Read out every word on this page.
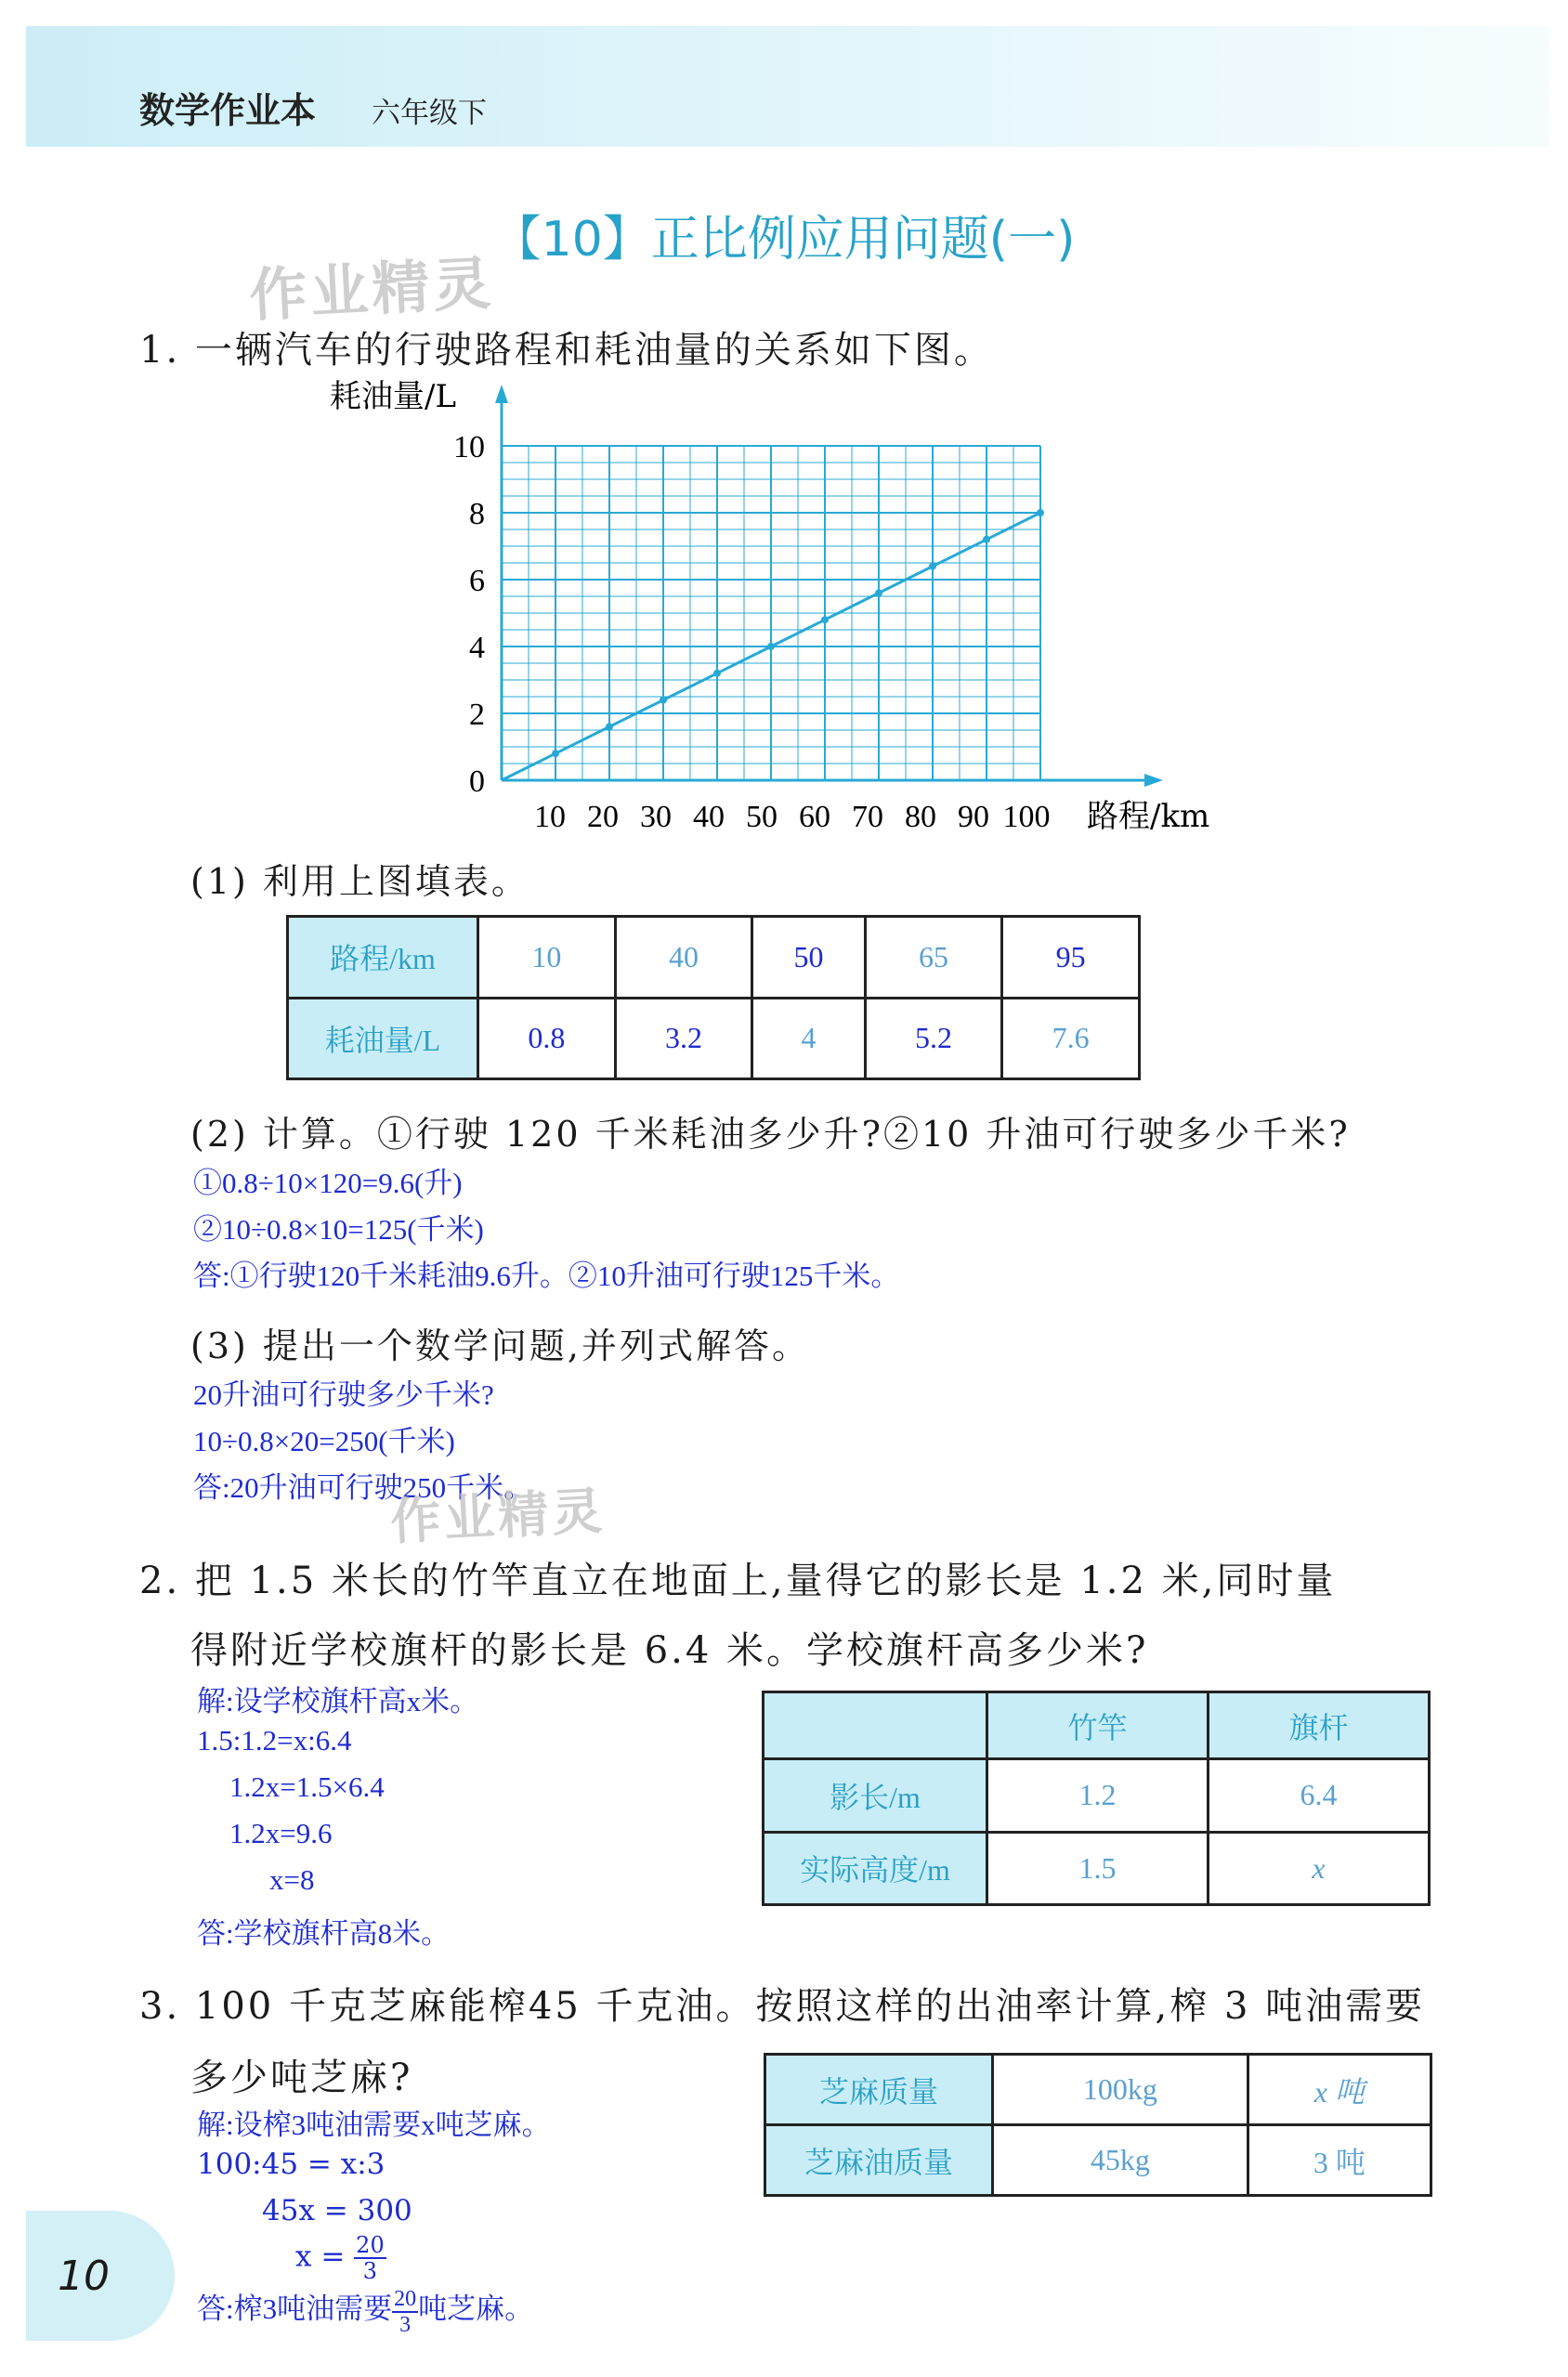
数学作业本 六年级下
【10】正比例应用问题(一)
作业精灵
1. 一辆汽车的行驶路程和耗油量的关系如下图。
10 20 30 40 50 60 70 80 90 100
0
2
4
6
8
10
耗油量/L
路程/km
(1) 利用上图填表。
路程/km	10	40	50	65	95
耗油量/L	0.8	3.2	4	5.2	7.6
(2) 计算。①行驶 120 千米耗油多少升?②10 升油可行驶多少千米?
①0.8÷10×120=9.6(升)
②10÷0.8×10=125(千米)
答:①行驶120千米耗油9.6升。②10升油可行驶125千米。
(3) 提出一个数学问题,并列式解答。
20升油可行驶多少千米?
10÷0.8×20=250(千米)
答:20升油可行驶250千米。
作业精灵
2. 把 1.5 米长的竹竿直立在地面上,量得它的影长是 1.2 米,同时量
得附近学校旗杆的影长是 6.4 米。学校旗杆高多少米?
解:设学校旗杆高x米。
1.5:1.2=x:6.4
1.2x=1.5×6.4
1.2x=9.6
x=8
答:学校旗杆高8米。
	竹竿	旗杆
影长/m	1.2	6.4
实际高度/m	1.5	x
3. 100 千克芝麻能榨45 千克油。按照这样的出油率计算,榨 3 吨油需要
多少吨芝麻?
解:设榨3吨油需要x吨芝麻。
100:45 = x:3
45x = 300
$x = \frac{20}{3}$
答:榨3吨油需要 $\frac{20}{3}$ 吨芝麻。
芝麻质量	100kg	x 吨
芝麻油质量	45kg	3 吨
10
